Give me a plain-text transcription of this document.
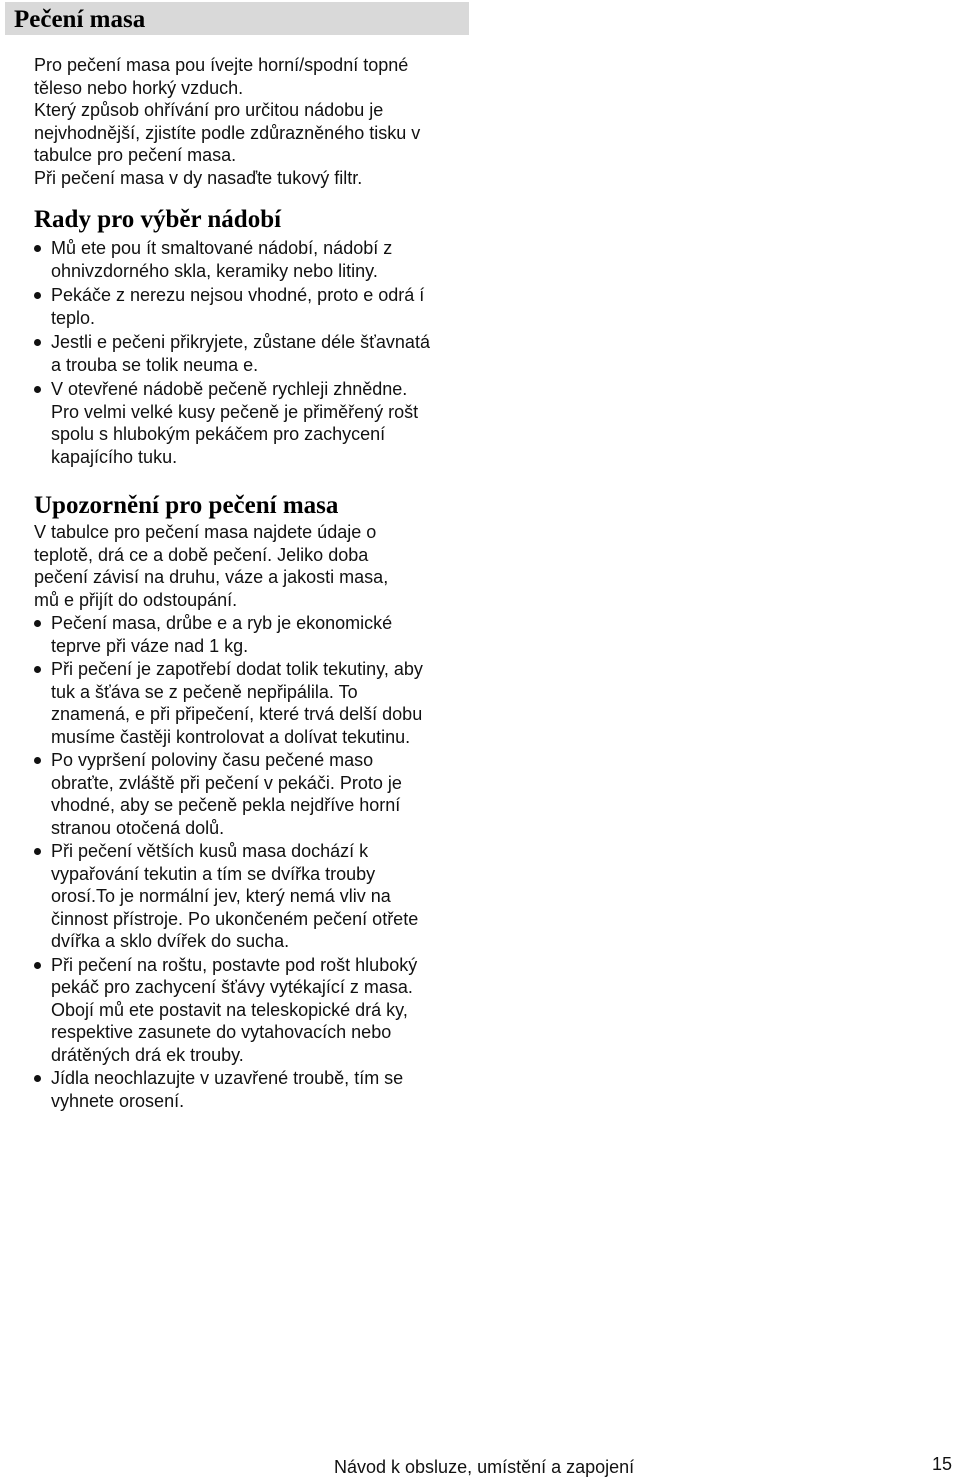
Pečení masa

Pro pečení masa pou ívejte horní/spodní topné

těleso nebo horký vzduch.

Který způsob ohřívání pro určitou nádobu je

nejvhodnější, zjistíte podle zdůrazněného tisku v

tabulce pro pečení masa.

Při pečení masa v dy nasaďte tukový filtr.

Rady pro výběr nádobí

Mů ete pou ít smaltované nádobí, nádobí z

ohnivzdorného skla, keramiky nebo litiny.

Pekáče z nerezu nejsou vhodné, proto e odrá í

teplo.

Jestli e pečeni přikryjete, zůstane déle šťavnatá

a trouba se tolik neuma e.

V otevřené nádobě pečeně rychleji zhnědne.

Pro velmi velké kusy pečeně je přiměřený rošt

spolu s hlubokým pekáčem pro zachycení

kapajícího tuku.

Upozornění pro pečení masa

V tabulce pro pečení masa najdete údaje o

teplotě, drá ce a době pečení. Jeliko doba

pečení závisí na druhu, váze a jakosti masa,

mů e přijít do odstoupání.

Pečení masa, drůbe e a ryb je ekonomické

teprve při váze nad 1 kg.

Při pečení je zapotřebí dodat tolik tekutiny, aby

tuk a šťáva se z pečeně nepřipálila. To

znamená, e při připečení, které trvá delší dobu

musíme častěji kontrolovat a dolívat tekutinu.

Po vypršení poloviny času pečené maso

obraťte, zvláště při pečení v pekáči. Proto je

vhodné, aby se pečeně pekla nejdříve horní

stranou otočená dolů.

Při pečení větších kusů masa dochází k

vypařování tekutin a tím se dvířka trouby

orosí.To je normální jev, který nemá vliv na

činnost přístroje. Po ukončeném pečení otřete

dvířka a sklo dvířek do sucha.

Při pečení na roštu, postavte pod rošt hluboký

pekáč pro zachycení šťávy vytékající z masa.

Obojí mů ete postavit na teleskopické drá ky,

respektive zasunete do vytahovacích nebo

drátěných drá ek trouby.

Jídla neochlazujte v uzavřené troubě, tím se

vyhnete orosení.

Návod k obsluze, umístění a zapojení	15
